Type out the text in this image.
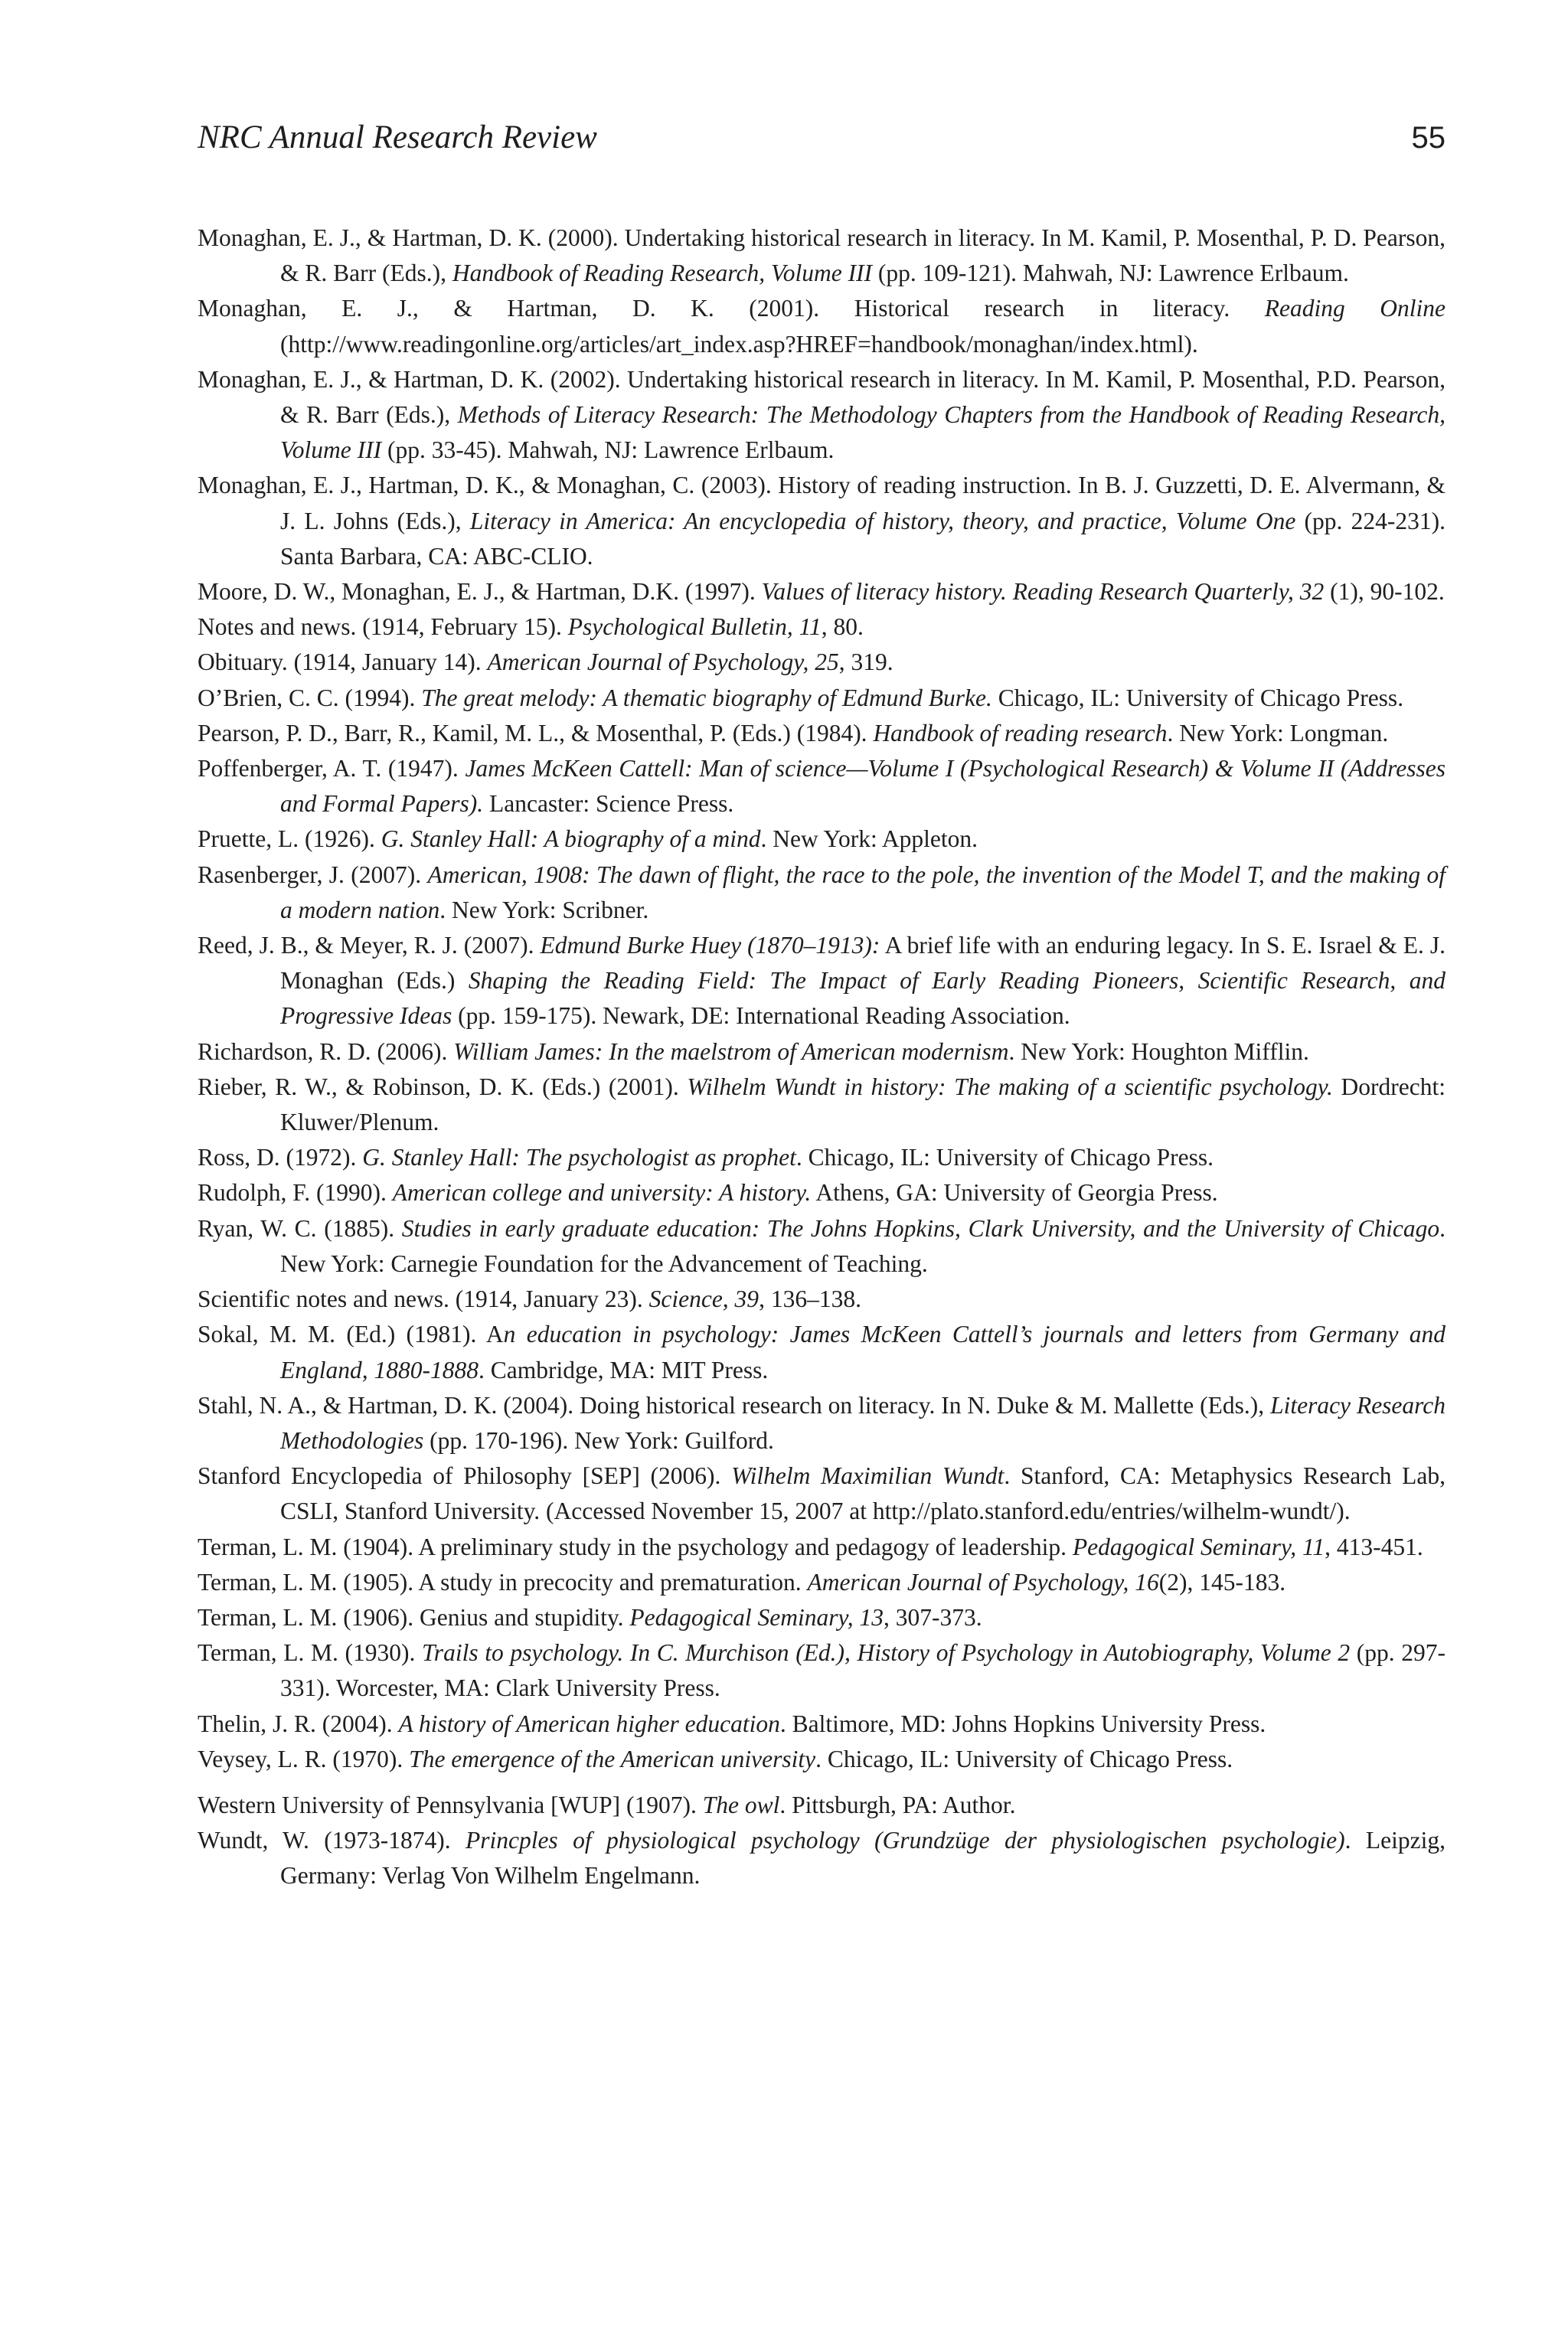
NRC Annual Research Review	55
Monaghan, E. J., & Hartman, D. K. (2000). Undertaking historical research in literacy. In M. Kamil, P. Mosenthal, P. D. Pearson, & R. Barr (Eds.), Handbook of Reading Research, Volume III (pp. 109-121). Mahwah, NJ: Lawrence Erlbaum.
Monaghan, E. J., & Hartman, D. K. (2001). Historical research in literacy. Reading Online (http://www.readingonline.org/articles/art_index.asp?HREF=handbook/monaghan/index.html).
Monaghan, E. J., & Hartman, D. K. (2002). Undertaking historical research in literacy. In M. Kamil, P. Mosenthal, P.D. Pearson, & R. Barr (Eds.), Methods of Literacy Research: The Methodology Chapters from the Handbook of Reading Research, Volume III (pp. 33-45). Mahwah, NJ: Lawrence Erlbaum.
Monaghan, E. J., Hartman, D. K., & Monaghan, C. (2003). History of reading instruction. In B. J. Guzzetti, D. E. Alvermann, & J. L. Johns (Eds.), Literacy in America: An encyclopedia of history, theory, and practice, Volume One (pp. 224-231). Santa Barbara, CA: ABC-CLIO.
Moore, D. W., Monaghan, E. J., & Hartman, D.K. (1997). Values of literacy history. Reading Research Quarterly, 32 (1), 90-102.
Notes and news. (1914, February 15). Psychological Bulletin, 11, 80.
Obituary. (1914, January 14). American Journal of Psychology, 25, 319.
O’Brien, C. C. (1994). The great melody: A thematic biography of Edmund Burke. Chicago, IL: University of Chicago Press.
Pearson, P. D., Barr, R., Kamil, M. L., & Mosenthal, P. (Eds.) (1984). Handbook of reading research. New York: Longman.
Poffenberger, A. T. (1947). James McKeen Cattell: Man of science—Volume I (Psychological Research) & Volume II (Addresses and Formal Papers). Lancaster: Science Press.
Pruette, L. (1926). G. Stanley Hall: A biography of a mind. New York: Appleton.
Rasenberger, J. (2007). American, 1908: The dawn of flight, the race to the pole, the invention of the Model T, and the making of a modern nation. New York: Scribner.
Reed, J. B., & Meyer, R. J. (2007). Edmund Burke Huey (1870–1913): A brief life with an enduring legacy. In S. E. Israel & E. J. Monaghan (Eds.) Shaping the Reading Field: The Impact of Early Reading Pioneers, Scientific Research, and Progressive Ideas (pp. 159-175). Newark, DE: International Reading Association.
Richardson, R. D. (2006). William James: In the maelstrom of American modernism. New York: Houghton Mifflin.
Rieber, R. W., & Robinson, D. K. (Eds.) (2001). Wilhelm Wundt in history: The making of a scientific psychology. Dordrecht: Kluwer/Plenum.
Ross, D. (1972). G. Stanley Hall: The psychologist as prophet. Chicago, IL: University of Chicago Press.
Rudolph, F. (1990). American college and university: A history. Athens, GA: University of Georgia Press.
Ryan, W. C. (1885). Studies in early graduate education: The Johns Hopkins, Clark University, and the University of Chicago. New York: Carnegie Foundation for the Advancement of Teaching.
Scientific notes and news. (1914, January 23). Science, 39, 136–138.
Sokal, M. M. (Ed.) (1981). An education in psychology: James McKeen Cattell’s journals and letters from Germany and England, 1880-1888. Cambridge, MA: MIT Press.
Stahl, N. A., & Hartman, D. K. (2004). Doing historical research on literacy. In N. Duke & M. Mallette (Eds.), Literacy Research Methodologies (pp. 170-196). New York: Guilford.
Stanford Encyclopedia of Philosophy [SEP] (2006). Wilhelm Maximilian Wundt. Stanford, CA: Metaphysics Research Lab, CSLI, Stanford University. (Accessed November 15, 2007 at http://plato.stanford.edu/entries/wilhelm-wundt/).
Terman, L. M. (1904). A preliminary study in the psychology and pedagogy of leadership. Pedagogical Seminary, 11, 413-451.
Terman, L. M. (1905). A study in precocity and prematuration. American Journal of Psychology, 16(2), 145-183.
Terman, L. M. (1906). Genius and stupidity. Pedagogical Seminary, 13, 307-373.
Terman, L. M. (1930). Trails to psychology. In C. Murchison (Ed.), History of Psychology in Autobiography, Volume 2 (pp. 297-331). Worcester, MA: Clark University Press.
Thelin, J. R. (2004). A history of American higher education. Baltimore, MD: Johns Hopkins University Press.
Veysey, L. R. (1970). The emergence of the American university. Chicago, IL: University of Chicago Press.
Western University of Pennsylvania [WUP] (1907). The owl. Pittsburgh, PA: Author.
Wundt, W. (1973-1874). Princples of physiological psychology (Grundzüge der physiologischen psychologie). Leipzig, Germany: Verlag Von Wilhelm Engelmann.
